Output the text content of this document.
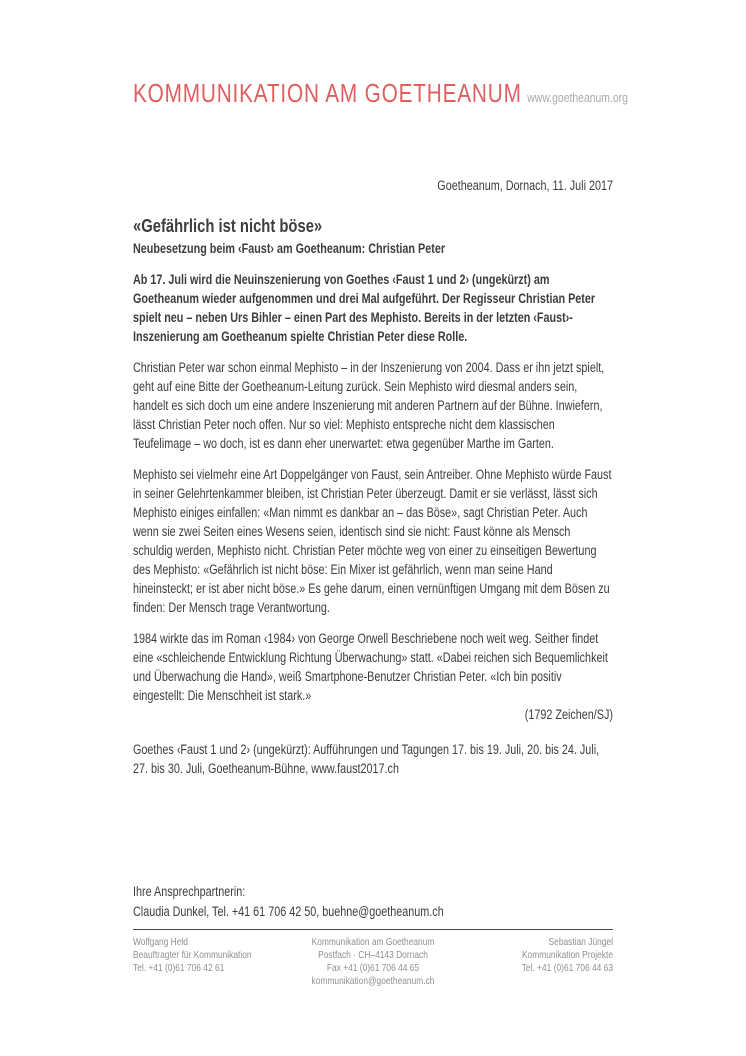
KOMMUNIKATION AM GOETHEANUM www.goetheanum.org
Goetheanum, Dornach, 11. Juli 2017
«Gefährlich ist nicht böse»
Neubesetzung beim ‹Faust› am Goetheanum: Christian Peter

Ab 17. Juli wird die Neuinszenierung von Goethes ‹Faust 1 und 2› (ungekürzt) am Goetheanum wieder aufgenommen und drei Mal aufgeführt. Der Regisseur Christian Peter spielt neu – neben Urs Bihler – einen Part des Mephisto. Bereits in der letzten ‹Faust›-Inszenierung am Goetheanum spielte Christian Peter diese Rolle.

Christian Peter war schon einmal Mephisto – in der Inszenierung von 2004. Dass er ihn jetzt spielt, geht auf eine Bitte der Goetheanum-Leitung zurück. Sein Mephisto wird diesmal anders sein, handelt es sich doch um eine andere Inszenierung mit anderen Partnern auf der Bühne. Inwiefern, lässt Christian Peter noch offen. Nur so viel: Mephisto entspreche nicht dem klassischen Teufelimage – wo doch, ist es dann eher unerwartet: etwa gegenüber Marthe im Garten.

Mephisto sei vielmehr eine Art Doppelgänger von Faust, sein Antreiber. Ohne Mephisto würde Faust in seiner Gelehrtenkammer bleiben, ist Christian Peter überzeugt. Damit er sie verlässt, lässt sich Mephisto einiges einfallen: «Man nimmt es dankbar an – das Böse», sagt Christian Peter. Auch wenn sie zwei Seiten eines Wesens seien, identisch sind sie nicht: Faust könne als Mensch schuldig werden, Mephisto nicht. Christian Peter möchte weg von einer zu einseitigen Bewertung des Mephisto: «Gefährlich ist nicht böse: Ein Mixer ist gefährlich, wenn man seine Hand hineinsteckt; er ist aber nicht böse.» Es gehe darum, einen vernünftigen Umgang mit dem Bösen zu finden: Der Mensch trage Verantwortung.

1984 wirkte das im Roman ‹1984› von George Orwell Beschriebene noch weit weg. Seither findet eine «schleichende Entwicklung Richtung Überwachung» statt. «Dabei reichen sich Bequemlichkeit und Überwachung die Hand», weiß Smartphone-Benutzer Christian Peter. «Ich bin positiv eingestellt: Die Menschheit ist stark.»

(1792 Zeichen/SJ)

Goethes ‹Faust 1 und 2› (ungekürzt): Aufführungen und Tagungen 17. bis 19. Juli, 20. bis 24. Juli, 27. bis 30. Juli, Goetheanum-Bühne, www.faust2017.ch

Ihre Ansprechpartnerin:
Claudia Dunkel, Tel. +41 61 706 42 50, buehne@goetheanum.ch
Wolfgang Held
Beauftragter für Kommunikation
Tel. +41 (0)61 706 42 61
Kommunikation am Goetheanum
Postfach · CH–4143 Dornach
Fax +41 (0)61 706 44 65
kommunikation@goetheanum.ch
Sebastian Jüngel
Kommunikation Projekte
Tel. +41 (0)61 706 44 63
